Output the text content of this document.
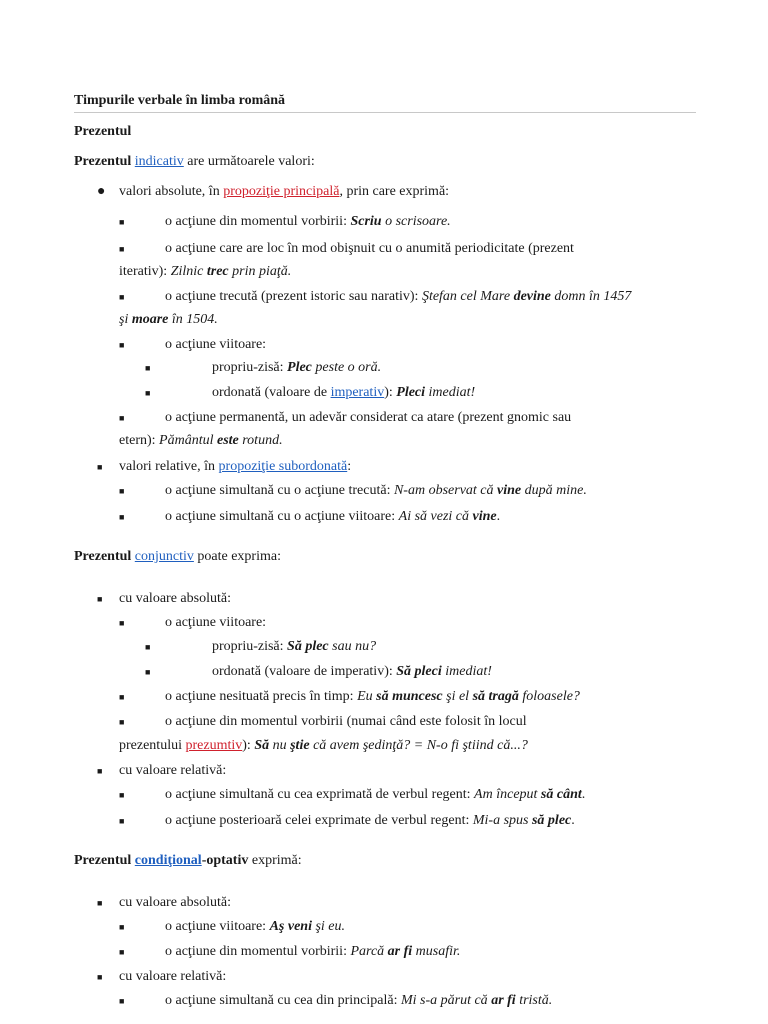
Timpurile verbale în limba română
Prezentul
Prezentul indicativ are următoarele valori:
● valori absolute, în propoziţie principală, prin care exprimă:
■	o acţiune din momentul vorbirii: Scriu o scrisoare.
■	o acţiune care are loc în mod obişnuit cu o anumită periodicitate (prezent
iterativ): Zilnic trec prin piaţă.
■	o acţiune trecută (prezent istoric sau narativ): Ştefan cel Mare devine domn în 1457
şi moare în 1504.
■	o acţiune viitoare:
■	propriu-zisă: Plec peste o oră.
■	ordonată (valoare de imperativ): Pleci imediat!
■	o acţiune permanentă, un adevăr considerat ca atare (prezent gnomic sau
etern): Pământul este rotund.
■ valori relative, în propoziţie subordonată:
■	o acţiune simultană cu o acţiune trecută: N-am observat că vine după mine.
■	o acţiune simultană cu o acţiune viitoare: Ai să vezi că vine.
Prezentul conjunctiv poate exprima:
■ cu valoare absolută:
■	o acţiune viitoare:
■	propriu-zisă: Să plec sau nu?
■	ordonată (valoare de imperativ): Să pleci imediat!
■	o acţiune nesituată precis în timp: Eu să muncesc şi el să tragă foloasele?
■	o acţiune din momentul vorbirii (numai când este folosit în locul
prezentului prezumtiv): Să nu ştie că avem şedinţă? = N-o fi ştiind că...?
■ cu valoare relativă:
■	o acţiune simultană cu cea exprimată de verbul regent: Am început să cânt.
■	o acţiune posterioară celei exprimate de verbul regent: Mi-a spus să plec.
Prezentul condiţional-optativ exprimă:
■ cu valoare absolută:
■	o acţiune viitoare: Aş veni şi eu.
■	o acţiune din momentul vorbirii: Parcă ar fi musafir.
■ cu valoare relativă:
■	o acţiune simultană cu cea din principală: Mi s-a părut că ar fi tristă.
